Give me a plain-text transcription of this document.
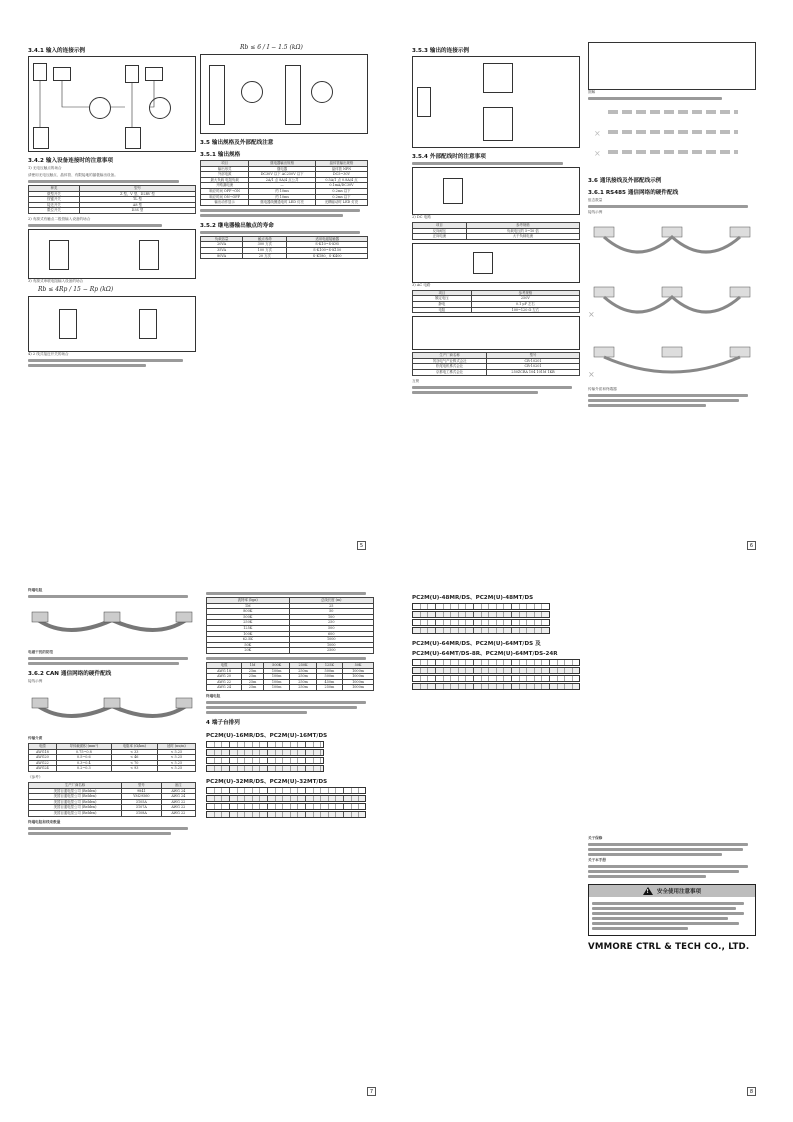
3.4.1 输入的连接示例
3.4.2 输入设备连接时的注意事项
1) 无电压触点的场合
请使用无电压触点、晶体管、有限接地的漏极输出设备。
种类	型号
微型开关	Z 型、V 型、D2RV 型
按键开关	TL 型
接近开关	A8 型
限位开关	D3S 型
2) 有源式有触点二极管输入设备的场合
3) 有源式串联电阻输入设备的场合
Rb ≤ 4Rp / 15 − Rp (kΩ)
4) 2 线式接近开关的场合
Rb ≤ 6 / I − 1.5 (kΩ)
3.5 输出规格及外部配线注意
3.5.1 输出规格
项目	继电器输出规格	晶体管输出规格
输出形式	继电器	晶体管 NPN
外部电源	DC30V 以下 AC250V 以下	DC5~30V
最大负载 电阻负载	2A/1 点 8A/4 点公共	0.5A/1 点 0.8A/4 点
开路漏电流	—	0.1mA/DC30V
响应时间 OFF→ON	约 10ms	0.2ms 以下
响应时间 ON→OFF	约 10ms	0.2ms 以下
输出动作显示	继电器线圈通电时 LED 灯亮	光耦驱动时 LED 灯亮
3.5.2 继电器输出触点的寿命
负载容量	触点寿命	适用电磁接触器
20VA	300 万次	S-K10~S-K95
35VA	100 万次	S-K100~S-K150
80VA	20 万次	S-K180、S-K400
5
3.5.3 输出的连接示例
3.5.4 外部配线时的注意事项
2) DC 电路
项目	参考规格
反向耐压	负载电压的 5~10 倍
正向电流	大于负载电流
3) AC 电路
项目	参考规格
额定电压	250V
静电	0.1 μF 左右
电阻	100~120 Ω 左右
生产厂商名称	型号
冈谷电气产业株式会社	CR-10201
松尾电机株式会社	CR-10201
京都电工株式会社	250ZCRA 104 101M 1KB
互锁
图解
×
×
3.6 通讯接线及外部配线示例
3.6.1 RS485 通信网络的硬件配线
组态数量
接线示例
×
×
传输介质和终端器
6
终端电阻
电磁干扰的防范
3.6.2 CAN 通信网络的硬件配线
接线示例
传输介质
电缆	导体截面积 (mm²)	电阻率 (Ω/km)	延时 (ns/m)
AWG18	0.75~0.8	< 33	< 5.25
AWG20	0.5~0.6	< 46	< 5.25
AWG22	0.3~0.4	< 70	< 5.25
AWG24	0.2~0.3	< 93	< 5.25
《参考》
生产厂商名称	型号	备注
美国百通电缆公司 (Belden)	9841	AWG 24
美国百通电缆公司 (Belden)	YM29560	AWG 24
美国百通电缆公司 (Belden)	3105A	AWG 22
美国百通电缆公司 (Belden)	3107A	AWG 22
美国百通电缆公司 (Belden)	3108A	AWG 22
终端电阻和线束数量
波特率 (bps)	总线长度 (m)
1M	25
800K	50
500K	100
250K	250
125K	500
100K	600
62.5K	1000
50K	1000
20K	2500
电缆	1M	500K	250K	125K	50K
AWG 18	25m	100m	250m	500m	1000m
AWG 20	25m	100m	250m	500m	1000m
AWG 22	25m	100m	250m	450m	1000m
AWG 24	25m	100m	250m	250m	1000m
终端电阻
4 端子台排列
PC2M(U)-16MR/DS、PC2M(U)-16MT/DS
PC2M(U)-32MR/DS、PC2M(U)-32MT/DS
7
PC2M(U)-48MR/DS、PC2M(U)-48MT/DS
PC2M(U)-64MR/DS、PC2M(U)-64MT/DS 及
PC2M(U)-64MT/DS-8R、PC2M(U)-64MT/DS-24R
关于保修
关于本手册
!
安全使用注意事项
VMMORE CTRL & TECH CO., LTD.
8
